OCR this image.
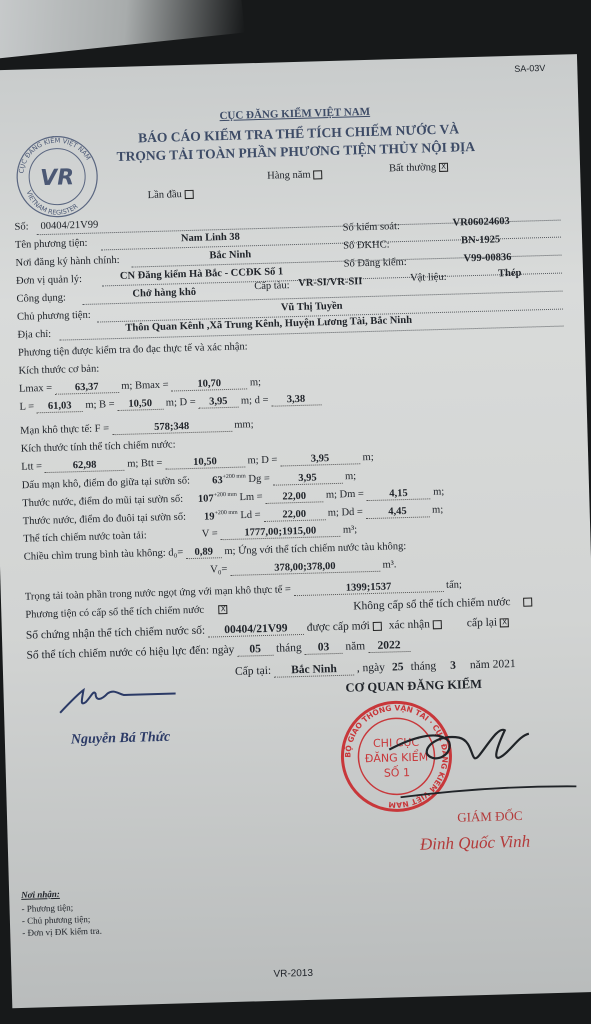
SA-03V
CỤC ĐĂNG KIỂM VIỆT NAM
VIETNAM REGISTER
VR
CỤC ĐĂNG KIỂM VIỆT NAM
BÁO CÁO KIỂM TRA THỂ TÍCH CHIẾM NƯỚC VÀ
TRỌNG TẢI TOÀN PHẦN PHƯƠNG TIỆN THỦY NỘI ĐỊA
Hàng năm
Bất thường X
Lần đầu
Số: 00404/21V99
Tên phương tiện:	Nam Linh 38
Số kiểm soát:	VR06024603
Nơi đăng ký hành chính:	Bắc Ninh
Số ĐKHC:	BN-1925
Đơn vị quản lý:	CN Đăng kiểm Hà Bắc - CCĐK Số 1
Số Đăng kiểm:	V99-00836
Công dụng:	Chở hàng khô
Cấp tàu: VR-SI/VR-SII	Vật liệu:	Thép
Chủ phương tiện:
Vũ Thị Tuyền
Địa chỉ:
Thôn Quan Kênh ,Xã Trung Kênh, Huyện Lương Tài, Bắc Ninh
Phương tiện được kiểm tra đo đạc thực tế và xác nhận:
Kích thước cơ bản:
Lmax = 63,37 m; Bmax =	10,70	m;
L = 61,03 m; B = 10,50 m; D = 3,95 m; d = 3,38
Mạn khô thực tế: F =	578;348	mm;
Kích thước tính thể tích chiếm nước:
Ltt =	62,98	m; Btt =	10,50	m; D =	3,95	m;
Dấu mạn khô, điểm đo giữa tại sườn số: $63^{+200 mm}$ Dg =	3,95	m;
Thước nước, điểm đo mũi tại sườn số: $107^{+200 mm}$ Lm = 22,00 m; Dm = 4,15 m;
Thước nước, điểm đo đuôi tại sườn số: $19^{+200 mm}$ Ld = 22,00 m; Dd = 4,45 m;
Thể tích chiếm nước toàn tải:	V =	1777,00;1915,00	m³;
Chiều chìm trung bình tàu không: d₀= 0,89 m; Ứng với thể tích chiếm nước tàu không:
V₀=	378,00;378,00	m³.
Trọng tải toàn phần trong nước ngọt ứng với mạn khô thực tế =	1399;1537	tấn;
Phương tiện có cấp sổ thể tích chiếm nước X	Không cấp sổ thể tích chiếm nước
Số chứng nhận thể tích chiếm nước số: 00404/21V99 được cấp mới xác nhận	cấp lại X
Sổ thể tích chiếm nước có hiệu lực đến: ngày 05 tháng 03 năm 2022
Cấp tại: Bắc Ninh , ngày 25 tháng 3 năm 2021
CƠ QUAN ĐĂNG KIỂM
Nguyễn Bá Thức
BỘ GIAO THÔNG VẬN TẢI · CỤC ĐĂNG KIỂM VIỆT NAM
CHI CỤC
ĐĂNG KIỂM
SỐ 1
GIÁM ĐỐC
Đinh Quốc Vinh
Nơi nhận:
- Phương tiện;
- Chủ phương tiện;
- Đơn vị ĐK kiểm tra.
VR-2013
